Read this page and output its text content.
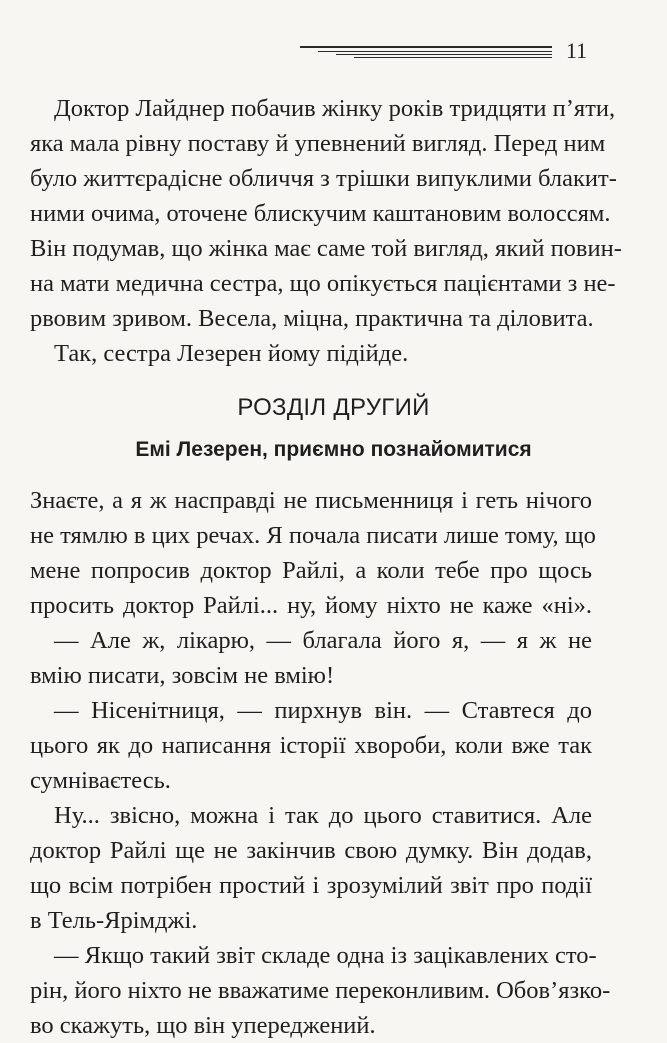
11
Доктор Лайднер побачив жінку років тридцяти п’яти,
яка мала рівну поставу й упевнений вигляд. Перед ним
було життєрадісне обличчя з трішки випуклими блакит-
ними очима, оточене блискучим каштановим волоссям.
Він подумав, що жінка має саме той вигляд, який повин-
на мати медична сестра, що опікується пацієнтами з не-
рвовим зривом. Весела, міцна, практична та діловита.
Так, сестра Лезерен йому підійде.
РОЗДІЛ ДРУГИЙ
Емі Лезерен, приємно познайомитися
Знаєте, а я ж насправді не письменниця і геть нічого
не тямлю в цих речах. Я почала писати лише тому, що
мене попросив доктор Райлі, а коли тебе про щось
просить доктор Райлі... ну, йому ніхто не каже «ні».
— Але ж, лікарю, — благала його я, — я ж не
вмію писати, зовсім не вмію!
— Нісенітниця, — пирхнув він. — Ставтеся до
цього як до написання історії хвороби, коли вже так
сумніваєтесь.
Ну... звісно, можна і так до цього ставитися. Але
доктор Райлі ще не закінчив свою думку. Він додав,
що всім потрібен простий і зрозумілий звіт про події
в Тель-Ярімджі.
— Якщо такий звіт складе одна із зацікавлених сто-
рін, його ніхто не вважатиме переконливим. Обов’язко-
во скажуть, що він упереджений.
